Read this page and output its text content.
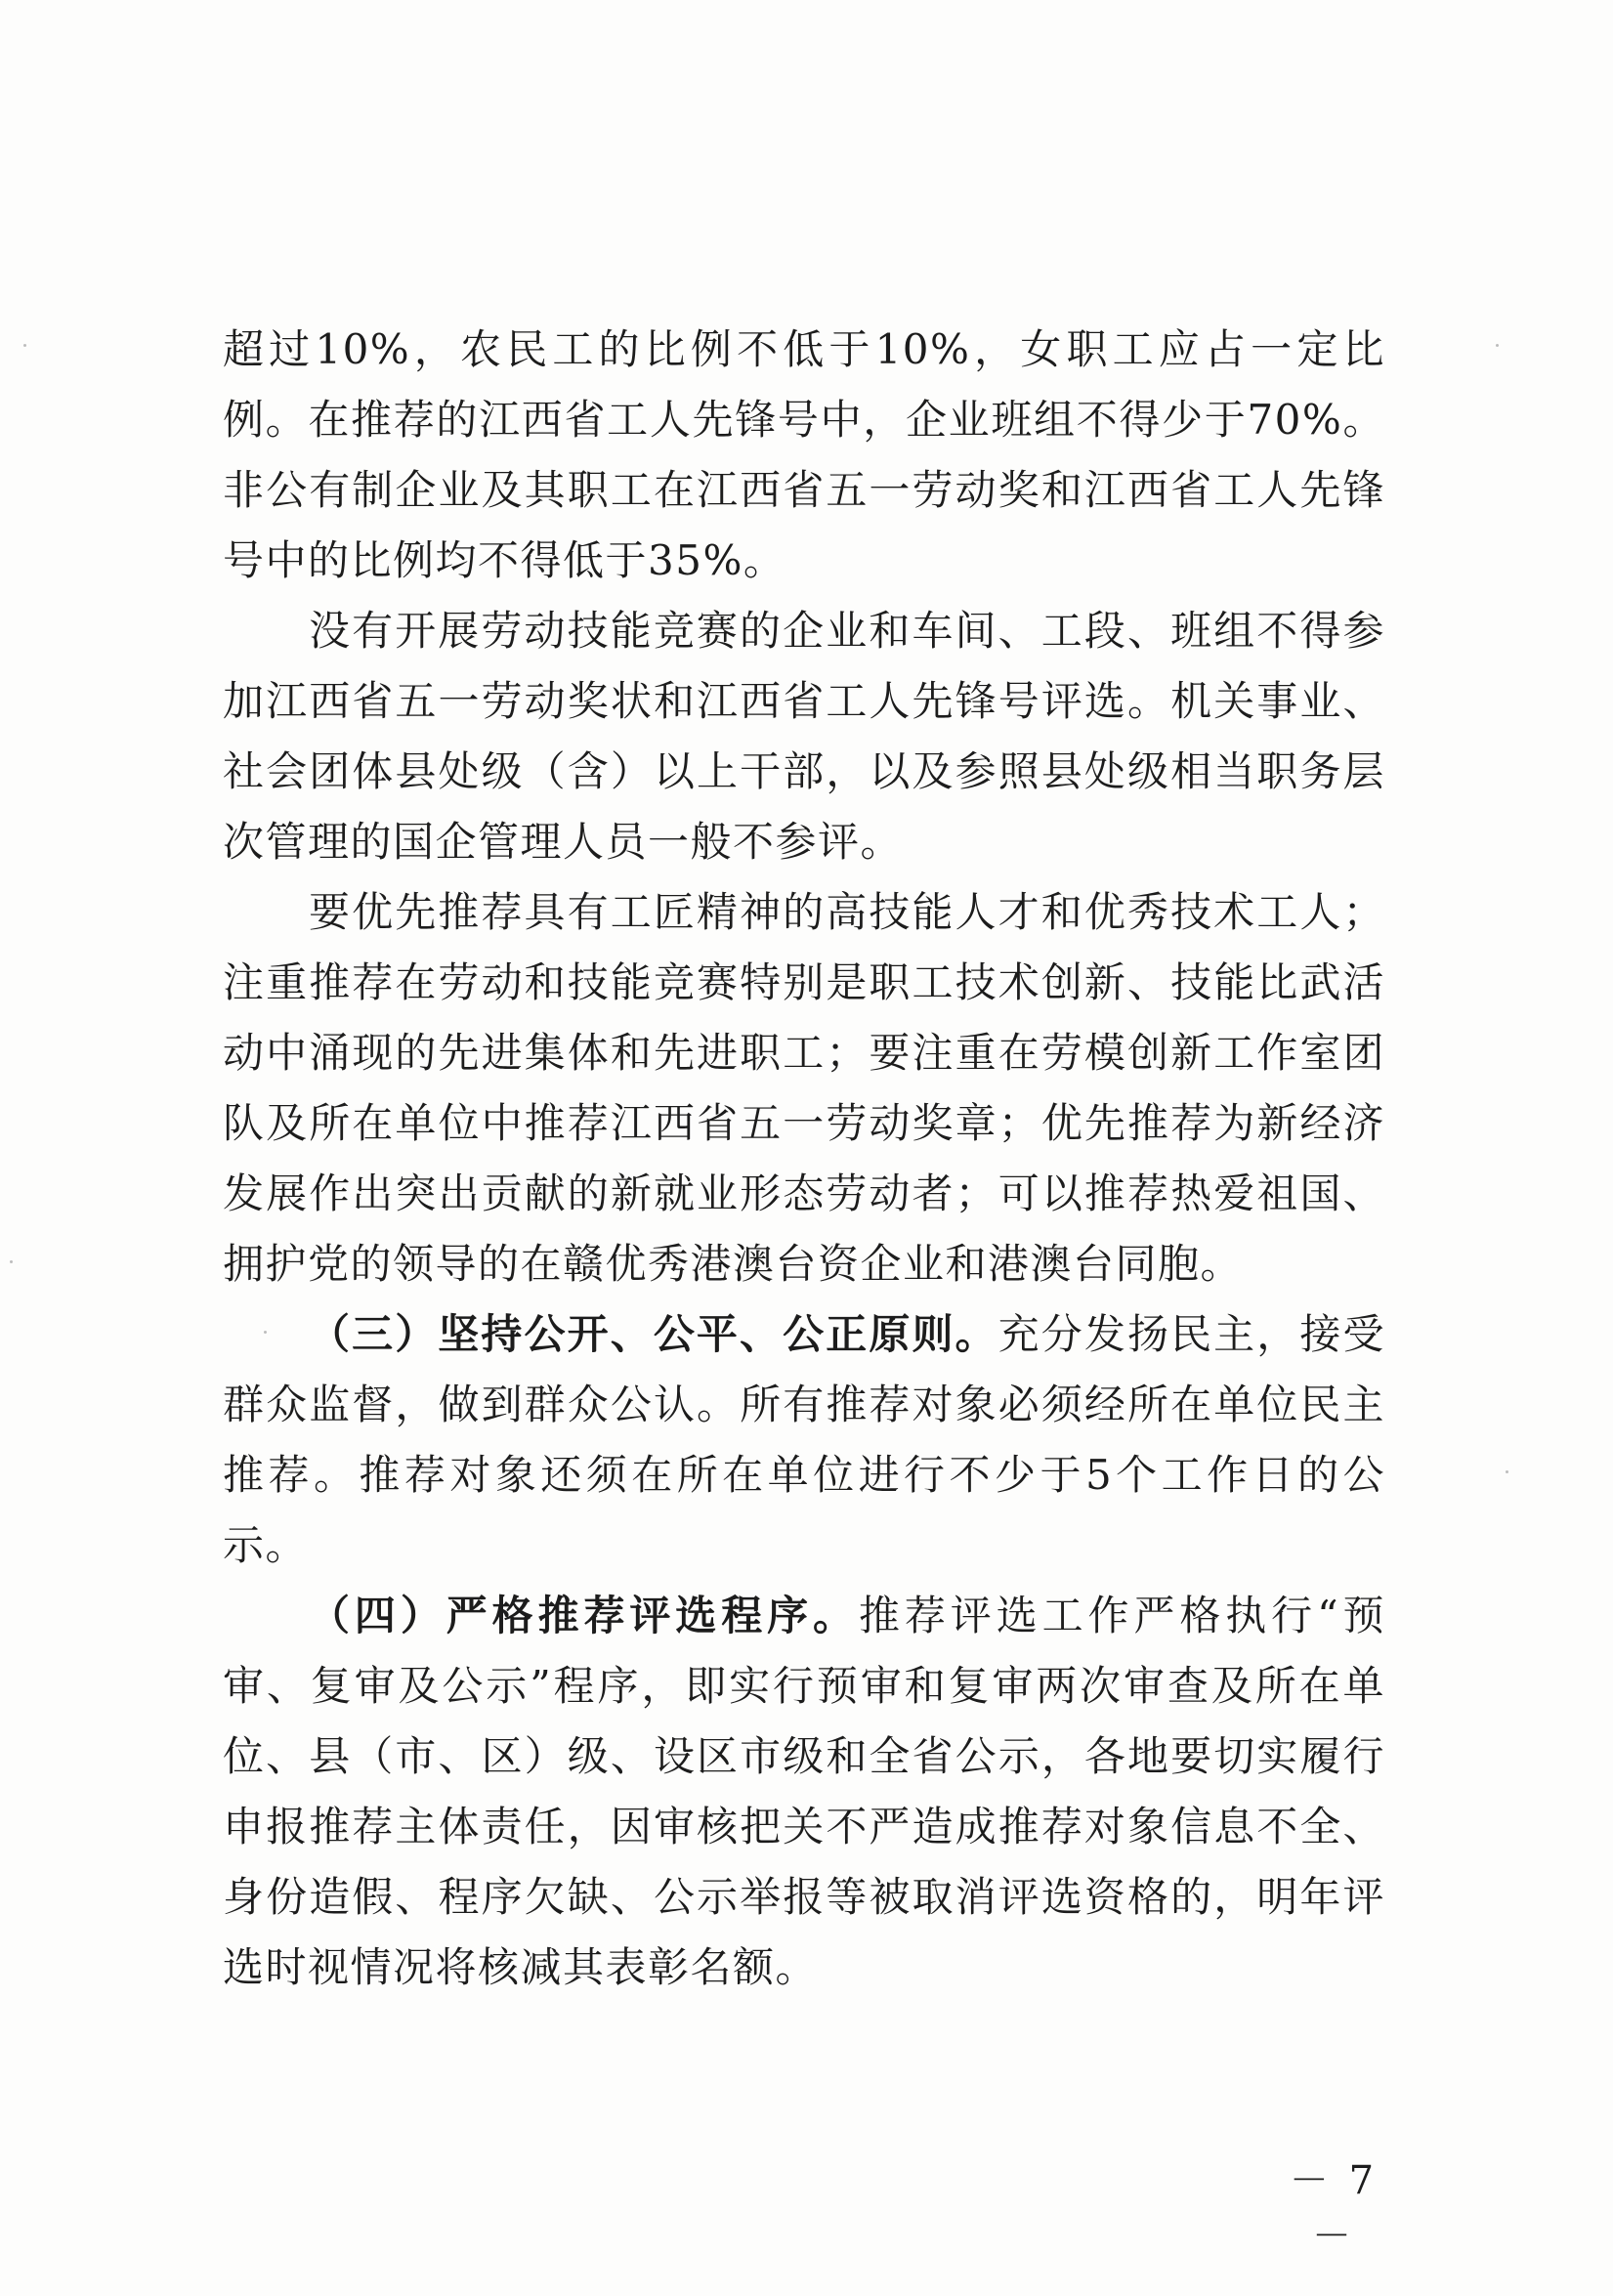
超过10%，农民工的比例不低于10%，女职工应占一定比例。在推荐的江西省工人先锋号中，企业班组不得少于70%。非公有制企业及其职工在江西省五一劳动奖和江西省工人先锋号中的比例均不得低于35%。

没有开展劳动技能竞赛的企业和车间、工段、班组不得参加江西省五一劳动奖状和江西省工人先锋号评选。机关事业、社会团体县处级（含）以上干部，以及参照县处级相当职务层次管理的国企管理人员一般不参评。

要优先推荐具有工匠精神的高技能人才和优秀技术工人；注重推荐在劳动和技能竞赛特别是职工技术创新、技能比武活动中涌现的先进集体和先进职工；要注重在劳模创新工作室团队及所在单位中推荐江西省五一劳动奖章；优先推荐为新经济发展作出突出贡献的新就业形态劳动者；可以推荐热爱祖国、拥护党的领导的在赣优秀港澳台资企业和港澳台同胞。

（三）坚持公开、公平、公正原则。充分发扬民主，接受群众监督，做到群众公认。所有推荐对象必须经所在单位民主推荐。推荐对象还须在所在单位进行不少于5个工作日的公示。

（四）严格推荐评选程序。推荐评选工作严格执行“预审、复审及公示”程序，即实行预审和复审两次审查及所在单位、县（市、区）级、设区市级和全省公示，各地要切实履行申报推荐主体责任，因审核把关不严造成推荐对象信息不全、身份造假、程序欠缺、公示举报等被取消评选资格的，明年评选时视情况将核减其表彰名额。

－ 7 －
